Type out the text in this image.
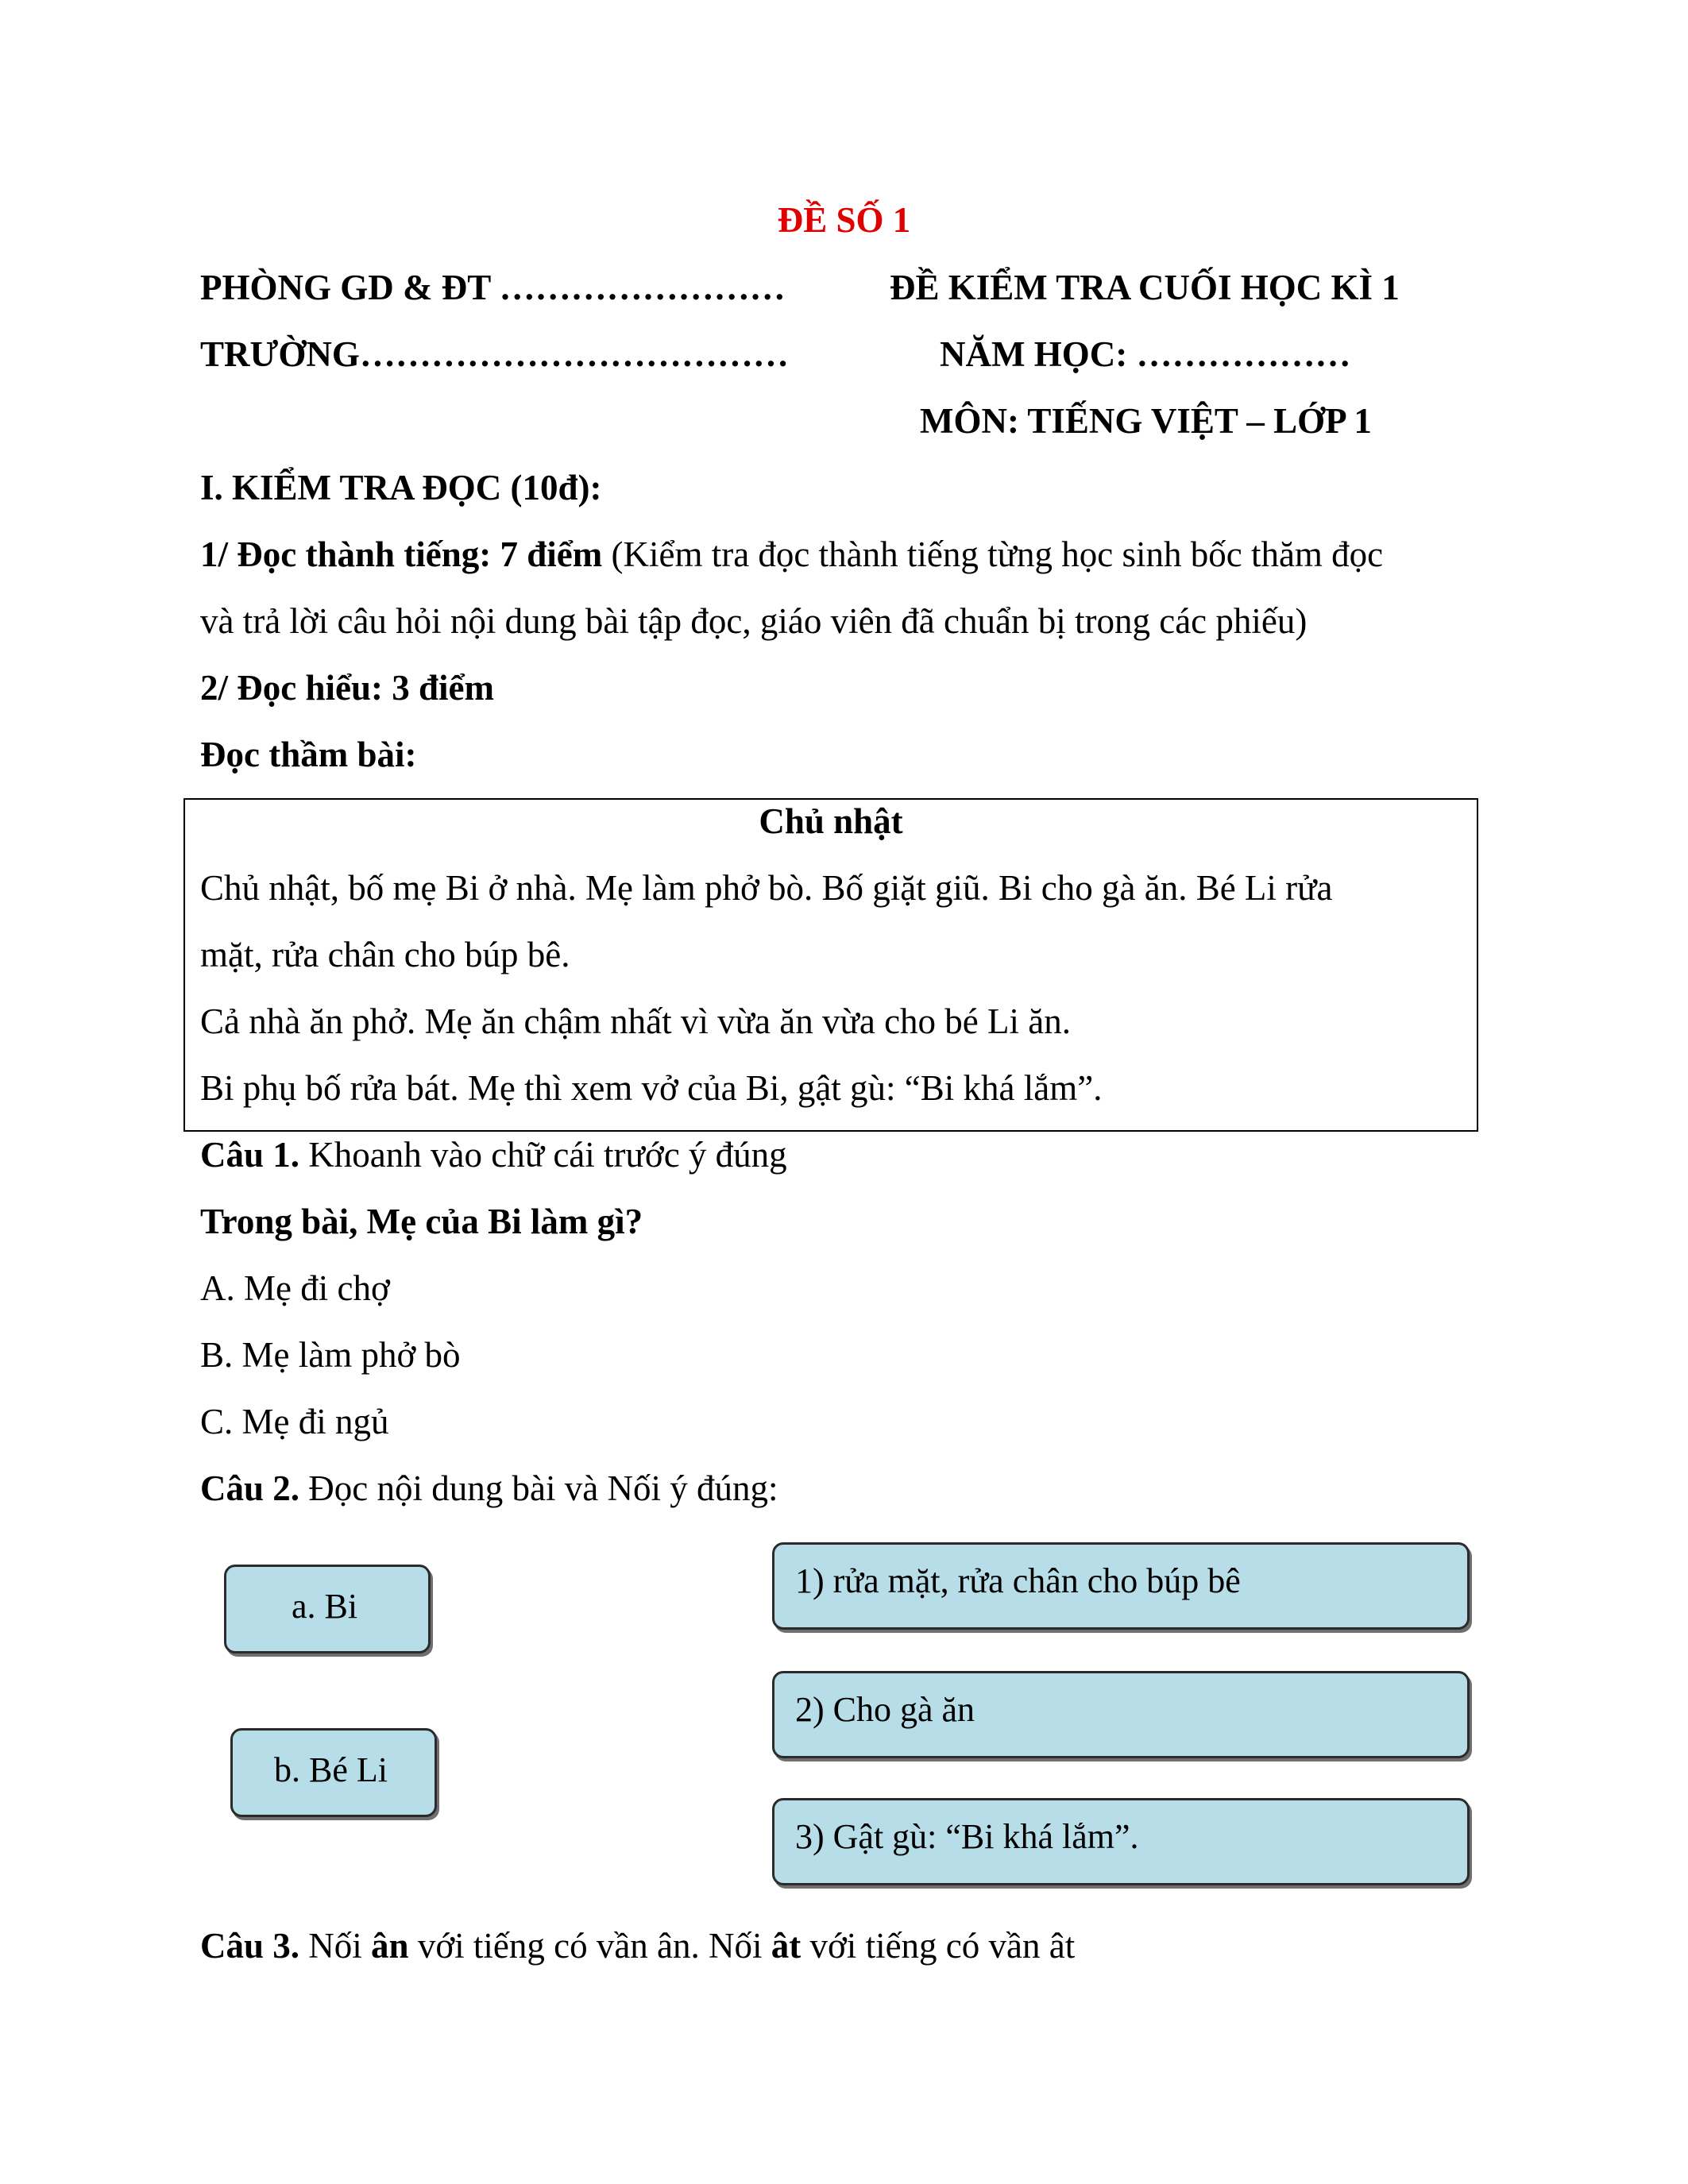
ĐỀ SỐ 1
PHÒNG GD & ĐT ……………………	ĐỀ KIỂM TRA CUỐI HỌC KÌ 1
TRƯỜNG………………………………	NĂM HỌC: ………………
MÔN: TIẾNG VIỆT – LỚP 1
I. KIỂM TRA ĐỌC (10đ):
1/ Đọc thành tiếng: 7 điểm (Kiểm tra đọc thành tiếng từng học sinh bốc thăm đọc
và trả lời câu hỏi nội dung bài tập đọc, giáo viên đã chuẩn bị trong các phiếu)
2/ Đọc hiểu: 3 điểm
Đọc thầm bài:
Chủ nhật
Chủ nhật, bố mẹ Bi ở nhà. Mẹ làm phở bò. Bố giặt giũ. Bi cho gà ăn. Bé Li rửa
mặt, rửa chân cho búp bê.
Cả nhà ăn phở. Mẹ ăn chậm nhất vì vừa ăn vừa cho bé Li ăn.
Bi phụ bố rửa bát. Mẹ thì xem vở của Bi, gật gù: “Bi khá lắm”.
Câu 1. Khoanh vào chữ cái trước ý đúng
Trong bài, Mẹ của Bi làm gì?
A. Mẹ đi chợ
B. Mẹ làm phở bò
C. Mẹ đi ngủ
Câu 2. Đọc nội dung bài và Nối ý đúng:
a. Bi
b. Bé Li
1) rửa mặt, rửa chân cho búp bê
2) Cho gà ăn
3) Gật gù: “Bi khá lắm”.
Câu 3. Nối ân với tiếng có vần ân. Nối ât với tiếng có vần ât
